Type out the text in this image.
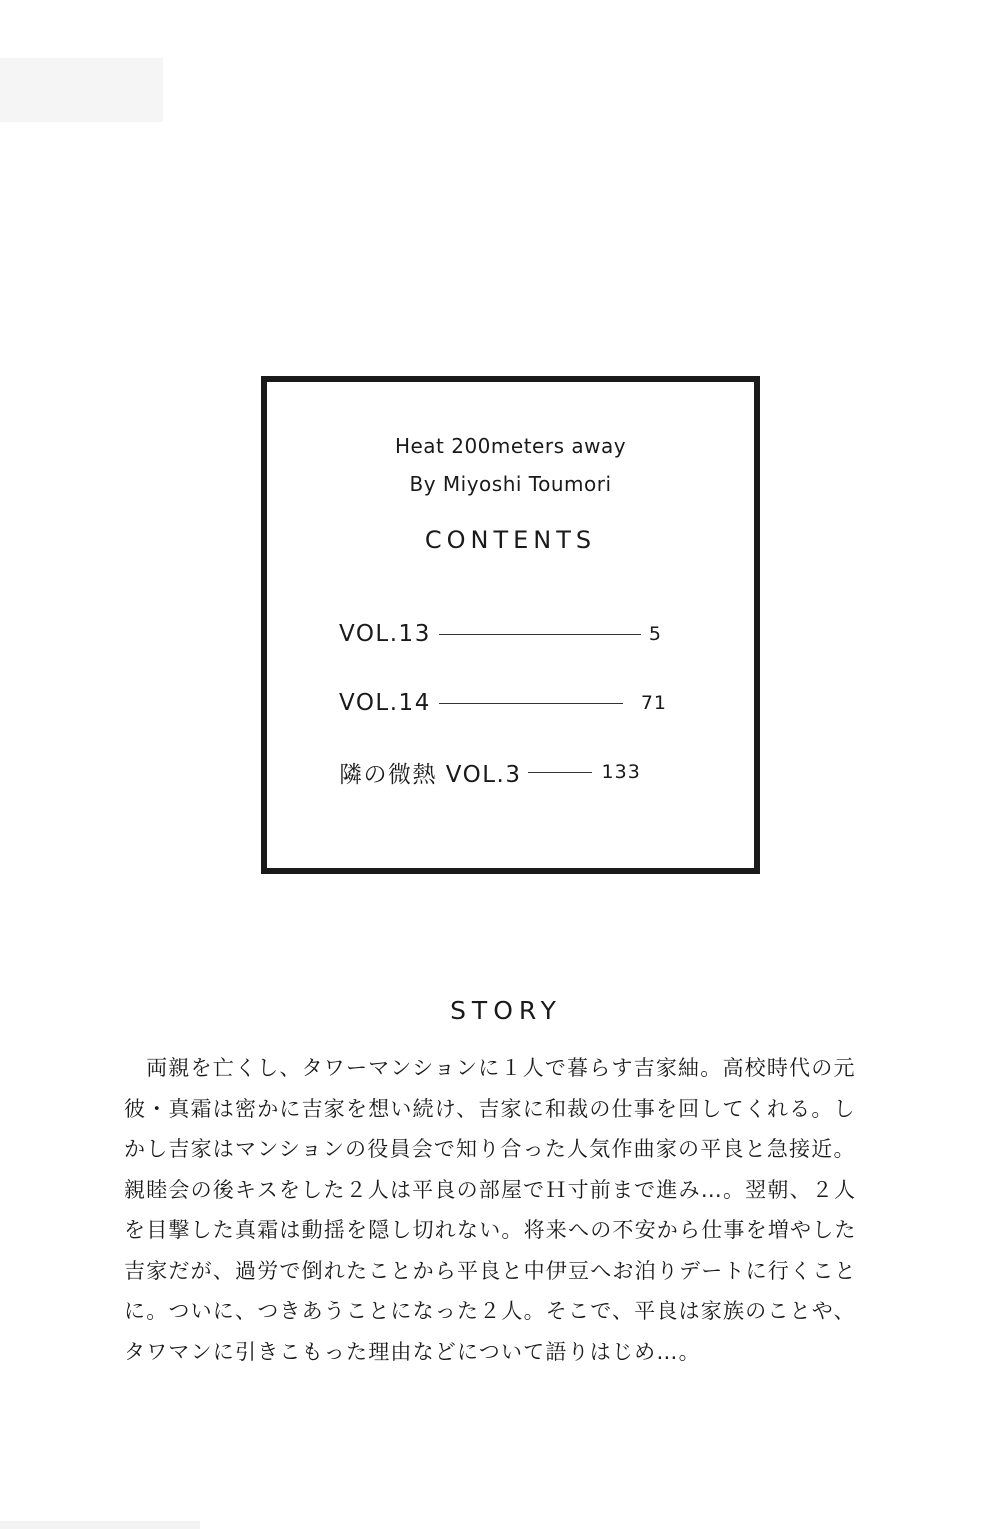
Heat 200meters away
By Miyoshi Toumori
CONTENTS
VOL.13	5
VOL.14	71
隣の微熱 VOL.3	133
STORY
　両親を亡くし、タワーマンションに１人で暮らす吉家紬。高校時代の元
彼・真霜は密かに吉家を想い続け、吉家に和裁の仕事を回してくれる。し
かし吉家はマンションの役員会で知り合った人気作曲家の平良と急接近。
親睦会の後キスをした２人は平良の部屋でＨ寸前まで進み…。翌朝、２人
を目撃した真霜は動揺を隠し切れない。将来への不安から仕事を増やした
吉家だが、過労で倒れたことから平良と中伊豆へお泊りデートに行くこと
に。ついに、つきあうことになった２人。そこで、平良は家族のことや、
タワマンに引きこもった理由などについて語りはじめ…。
